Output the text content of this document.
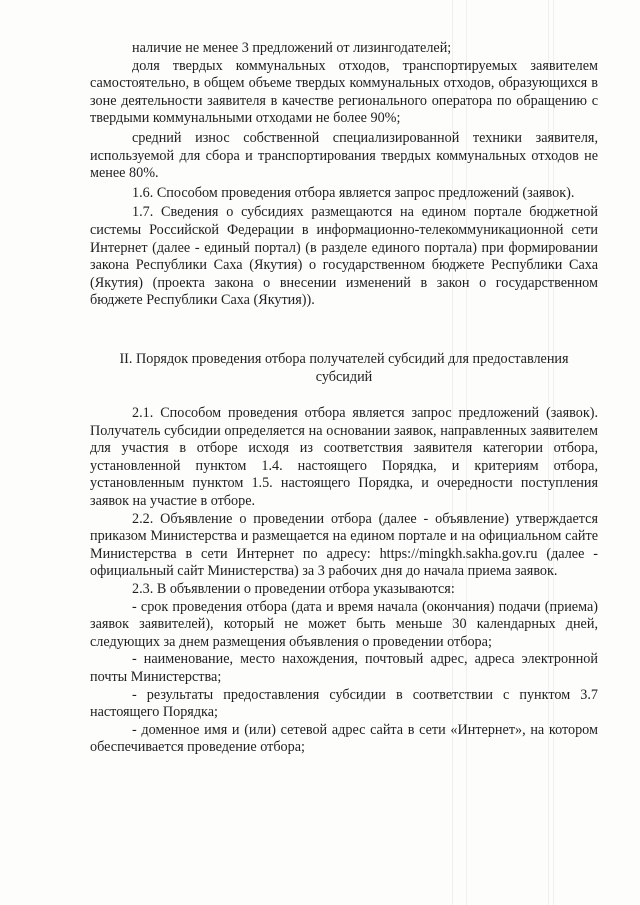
наличие не менее 3 предложений от лизингодателей;

доля твердых коммунальных отходов, транспортируемых заявителем самостоятельно, в общем объеме твердых коммунальных отходов, образующихся в зоне деятельности заявителя в качестве регионального оператора по обращению с твердыми коммунальными отходами не более 90%;

средний износ собственной специализированной техники заявителя, используемой для сбора и транспортирования твердых коммунальных отходов не менее 80%.

1.6. Способом проведения отбора является запрос предложений (заявок).

1.7. Сведения о субсидиях размещаются на едином портале бюджетной системы Российской Федерации в информационно-телекоммуникационной сети Интернет (далее - единый портал) (в разделе единого портала) при формировании закона Республики Саха (Якутия) о государственном бюджете Республики Саха (Якутия) (проекта закона о внесении изменений в закон о государственном бюджете Республики Саха (Якутия)).

II. Порядок проведения отбора получателей субсидий для предоставления
субсидий

2.1. Способом проведения отбора является запрос предложений (заявок). Получатель субсидии определяется на основании заявок, направленных заявителем для участия в отборе исходя из соответствия заявителя категории отбора, установленной пунктом 1.4. настоящего Порядка, и критериям отбора, установленным пунктом 1.5. настоящего Порядка, и очередности поступления заявок на участие в отборе.

2.2. Объявление о проведении отбора (далее - объявление) утверждается приказом Министерства и размещается на едином портале и на официальном сайте Министерства в сети Интернет по адресу: https://mingkh.sakha.gov.ru (далее - официальный сайт Министерства) за 3 рабочих дня до начала приема заявок.

2.3. В объявлении о проведении отбора указываются:

- срок проведения отбора (дата и время начала (окончания) подачи (приема) заявок заявителей), который не может быть меньше 30 календарных дней, следующих за днем размещения объявления о проведении отбора;

- наименование, место нахождения, почтовый адрес, адреса электронной почты Министерства;

- результаты предоставления субсидии в соответствии с пунктом 3.7 настоящего Порядка;

- доменное имя и (или) сетевой адрес сайта в сети «Интернет», на котором обеспечивается проведение отбора;
